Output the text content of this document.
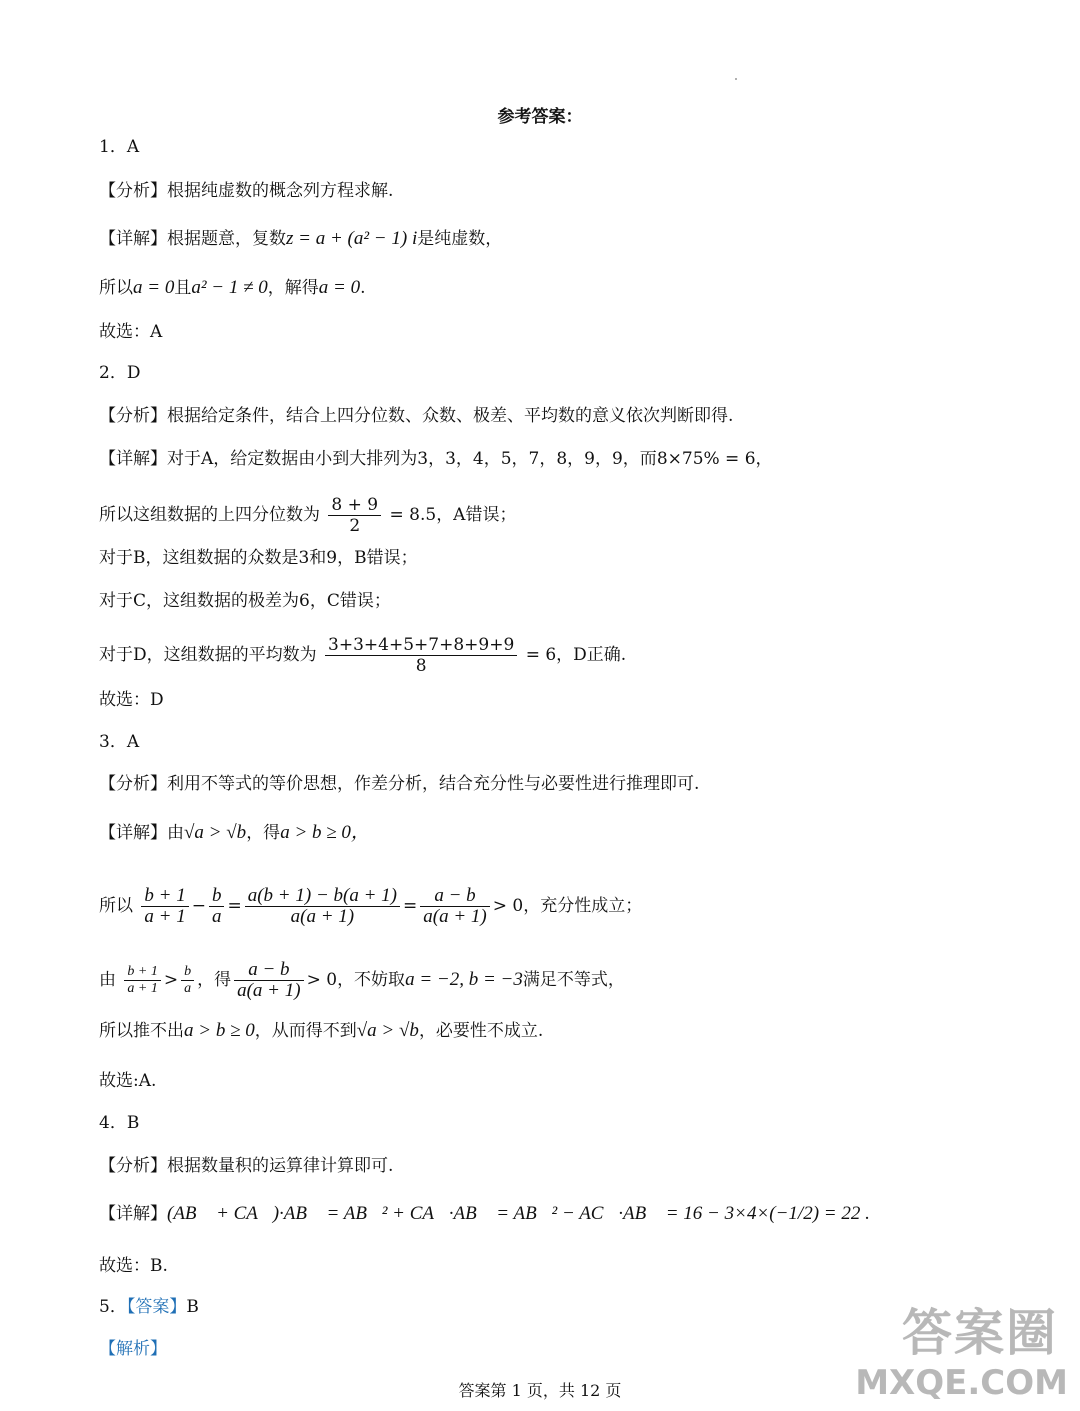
参考答案：
1．A
【分析】根据纯虚数的概念列方程求解.
【详解】根据题意，复数z = a + (a² − 1) i是纯虚数，
所以a = 0且a² − 1 ≠ 0，解得a = 0.
故选：A
2．D
【分析】根据给定条件，结合上四分位数、众数、极差、平均数的意义依次判断即得.
【详解】对于A，给定数据由小到大排列为3，3，4，5，7，8，9，9，而8×75% = 6，
所以这组数据的上四分位数为 $\frac{8 + 9}{2} = 8.5$，A错误；
对于B，这组数据的众数是3和9，B错误；
对于C，这组数据的极差为6，C错误；
对于D，这组数据的平均数为 $\frac{3+3+4+5+7+8+9+9}{8} = 6$，D正确.
故选：D
3．A
【分析】利用不等式的等价思想，作差分析，结合充分性与必要性进行推理即可.
【详解】由√a > √b，得a > b ≥ 0，
所以 $\frac{b + 1}{a + 1} - \frac{b}{a} = \frac{a(b + 1) - b(a + 1)}{a(a + 1)} = \frac{a - b}{a(a + 1)} > 0$，充分性成立；
由 $\frac{b + 1}{a + 1} > \frac{b}{a}$ ，得 $\frac{a - b}{a(a + 1)} > 0$，不妨取a = −2, b = −3满足不等式，
所以推不出a > b ≥ 0，从而得不到√a > √b，必要性不成立.
故选:A.
4．B
【分析】根据数量积的运算律计算即可.
【详解】(AB⃗ + CA⃗)·AB⃗ = AB⃗² + CA⃗·AB⃗ = AB⃗² − AC⃗·AB⃗ = 16 − 3×4×(−1/2) = 22 .
故选：B.
5．【答案】B
【解析】
答案第 1 页，共 12 页
答案圈
MXQE.COM
